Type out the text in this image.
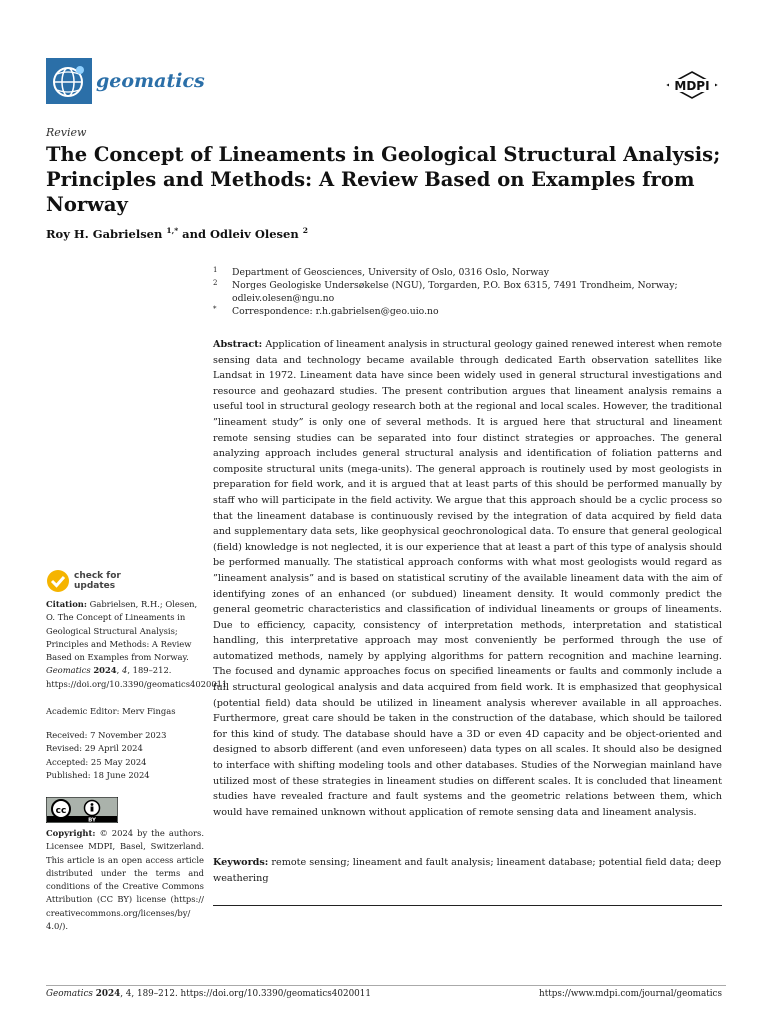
geomatics	MDPI
Review
The Concept of Lineaments in Geological Structural Analysis; Principles and Methods: A Review Based on Examples from Norway
Roy H. Gabrielsen $^{1,*}$ and Odleiv Olesen $^2$
1 Department of Geosciences, University of Oslo, 0316 Oslo, Norway
2 Norges Geologiske Undersøkelse (NGU), Torgarden, P.O. Box 6315, 7491 Trondheim, Norway; odleiv.olesen@ngu.no
* Correspondence: r.h.gabrielsen@geo.uio.no
Abstract: Application of lineament analysis in structural geology gained renewed interest when remote sensing data and technology became available through dedicated Earth observation satellites like Landsat in 1972. Lineament data have since been widely used in general structural investigations and resource and geohazard studies. The present contribution argues that lineament analysis remains a useful tool in structural geology research both at the regional and local scales. However, the traditional ”lineament study” is only one of several methods. It is argued here that structural and lineament remote sensing studies can be separated into four distinct strategies or approaches. The general analyzing approach includes general structural analysis and identification of foliation patterns and composite structural units (mega-units). The general approach is routinely used by most geologists in preparation for field work, and it is argued that at least parts of this should be performed manually by staff who will participate in the field activity. We argue that this approach should be a cyclic process so that the lineament database is continuously revised by the integration of data acquired by field data and supplementary data sets, like geophysical geochronological data. To ensure that general geological (field) knowledge is not neglected, it is our experience that at least a part of this type of analysis should be performed manually. The statistical approach conforms with what most geologists would regard as ”lineament analysis” and is based on statistical scrutiny of the available lineament data with the aim of identifying zones of an enhanced (or subdued) lineament density. It would commonly predict the general geometric characteristics and classification of individual lineaments or groups of lineaments. Due to efficiency, capacity, consistency of interpretation methods, interpretation and statistical handling, this interpretative approach may most conveniently be performed through the use of automatized methods, namely by applying algorithms for pattern recognition and machine learning. The focused and dynamic approaches focus on specified lineaments or faults and commonly include a full structural geological analysis and data acquired from field work. It is emphasized that geophysical (potential field) data should be utilized in lineament analysis wherever available in all approaches. Furthermore, great care should be taken in the construction of the database, which should be tailored for this kind of study. The database should have a 3D or even 4D capacity and be object-oriented and designed to absorb different (and even unforeseen) data types on all scales. It should also be designed to interface with shifting modeling tools and other databases. Studies of the Norwegian mainland have utilized most of these strategies in lineament studies on different scales. It is concluded that lineament studies have revealed fracture and fault systems and the geometric relations between them, which would have remained unknown without application of remote sensing data and lineament analysis.
Keywords: remote sensing; lineament and fault analysis; lineament database; potential field data; deep weathering
check for updates
Citation: Gabrielsen, R.H.; Olesen, O. The Concept of Lineaments in Geological Structural Analysis; Principles and Methods: A Review Based on Examples from Norway. Geomatics 2024, 4, 189–212. https://doi.org/10.3390/geomatics4020011
Academic Editor: Merv Fingas
Received: 7 November 2023
Revised: 29 April 2024
Accepted: 25 May 2024
Published: 18 June 2024
cc
BY
Copyright: © 2024 by the authors. Licensee MDPI, Basel, Switzerland. This article is an open access article distributed under the terms and conditions of the Creative Commons Attribution (CC BY) license (https:// creativecommons.org/licenses/by/ 4.0/).
Geomatics 2024, 4, 189–212. https://doi.org/10.3390/geomatics4020011	https://www.mdpi.com/journal/geomatics
